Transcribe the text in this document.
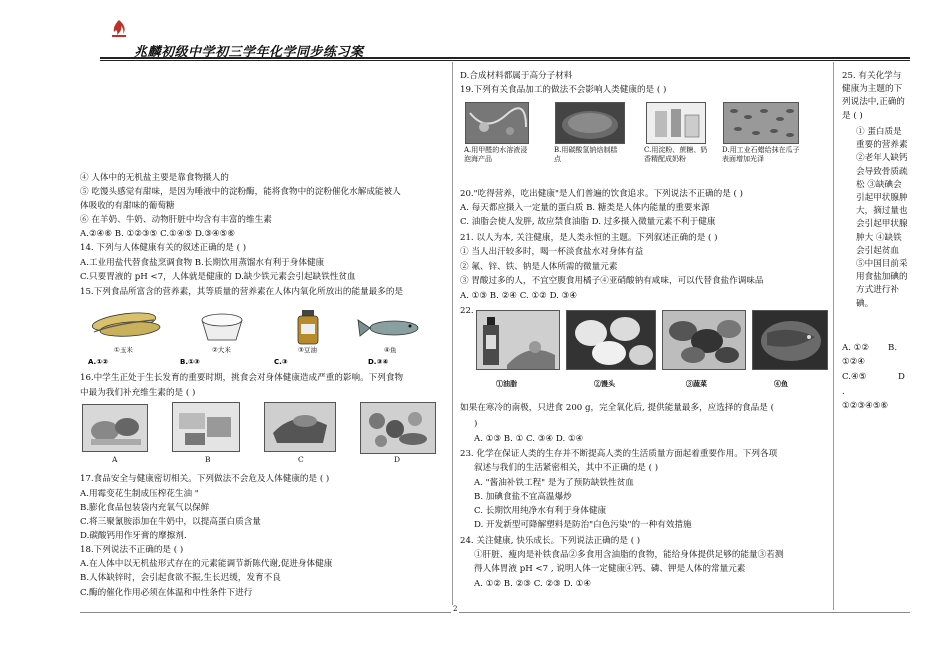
兆麟初级中学初三学年化学同步练习案
④ 人体中的无机盐主要是靠食物摄人的
⑤ 吃馒头感觉有甜味，是因为唾液中的淀粉酶，能将食物中的淀粉催化水解成能被人
体吸收的有甜味的葡萄糖
⑥ 在羊奶、牛奶、动物肝脏中均含有丰富的维生素
A.②④⑥ B. ①②③⑤ C.①④⑤ D.③④⑤⑥
14. 下列与人体健康有关的叙述正确的是 ( )
A.工业用盐代替食盐烹调食物 B.长期饮用蒸馏水有利于身体健康
C.只要胃液的 pH <7，人体就是健康的 D.缺少铁元素会引起缺铁性贫血
15.下列食品所富含的营养素，其等质量的营养素在人体内氧化所放出的能量最多的是
①玉米	②大米	③豆油	④鱼
A.①②	B.①③	C.③	D.③④
16.中学生正处于生长发育的重要时期，挑食会对身体健康造成严重的影响。下列食物
中最为我们补充维生素的是 ( )
A	B	C	D
17.食品安全与健康密切相关。下列做法不会危及人体健康的是 ( )
A.用霉变花生制成压榨花生油 "
B.膨化食品包装袋内充氧气以保鲜
C.将三聚氰胺添加在牛奶中，以提高蛋白质含量
D.碳酸钙用作牙膏的摩擦剂.
18.下列说法不正确的是 ( )
A.在人体中以无机盐形式存在的元素能调节新陈代谢,促进身体健康
B.人体缺锌时，会引起食欲不振,生长迟缓，发育不良
C.酶的催化作用必须在体温和中性条件下进行
D.合成材料都属于高分子材料
19.下列有关食品加工的做法不会影响人类健康的是 ( )
A.用甲醛的水溶液浸泡海产品
B.用碳酸氢钠焙制糕点
C.用淀粉、蔗糖、奶香精配成奶粉
D.用工业石蜡给抹在瓜子表面增加光泽
20."吃得营养，吃出健康"是人们普遍的饮食追求。下列说法不正确的是 ( )
A. 每天都应摄入一定量的蛋白质 B. 糖类是人体内能量的重要来源
C. 油脂会使人发胖, 故应禁食油脂 D. 过多摄入微量元素不利于健康
21. 以人为本, 关注健康，是人类永恒的主题。下列叙述正确的是 ( )
① 当人出汗较多时，喝一杯淡食盐水对身体有益
② 氟、锌、铁、钠是人体所需的微量元素
③ 胃酸过多的人，不宜空腹食用橘子④亚硝酸钠有咸味，可以代替食盐作调味品
A. ①③ B. ②④ C. ①② D. ③④
22.
①油脂	②馒头	③蔬菜	④鱼
如果在寒冷的南极，只进食 200 g，完全氧化后, 提供能量最多，应选择的食品是 (
)
A. ①③ B. ① C. ③④ D. ①④
23. 化学在保证人类的生存并不断提高人类的生活质量方面起着重要作用。下列各项
叙述与我们的生活紧密相关，其中不正确的是 ( )
A. "酱油补铁工程" 是为了预防缺铁性贫血
B. 加碘食盐不宜高温爆炒
C. 长期饮用纯净水有利于身体健康
D. 开发新型可降解塑料是防治"白色污染"的一种有效措施
24. 关注健康, 快乐成长。下列说法正确的是 ( )
①肝脏、瘦肉是补铁食品②多食用含油脂的食物，能给身体提供足够的能量③若测
得人体胃液 pH <7 , 说明人体一定健康④钙、磷、钾是人体的常量元素
A. ①② B. ②③ C. ②③ D. ①④
25. 有关化学与健康为主题的下列说法中,正确的是 ( )
① 蛋白质是重要的营养素 ②老年人缺钙会导致骨质疏松 ③缺碘会引起甲状腺肿大，摘过量也会引起甲状腺肿大 ④缺铁会引起贫血 ⑤中国目前采用食盐加碘的方式进行补碘。
A. ①② B.
①②④
C.④⑤	D
.
①②③④⑤⑥
2
